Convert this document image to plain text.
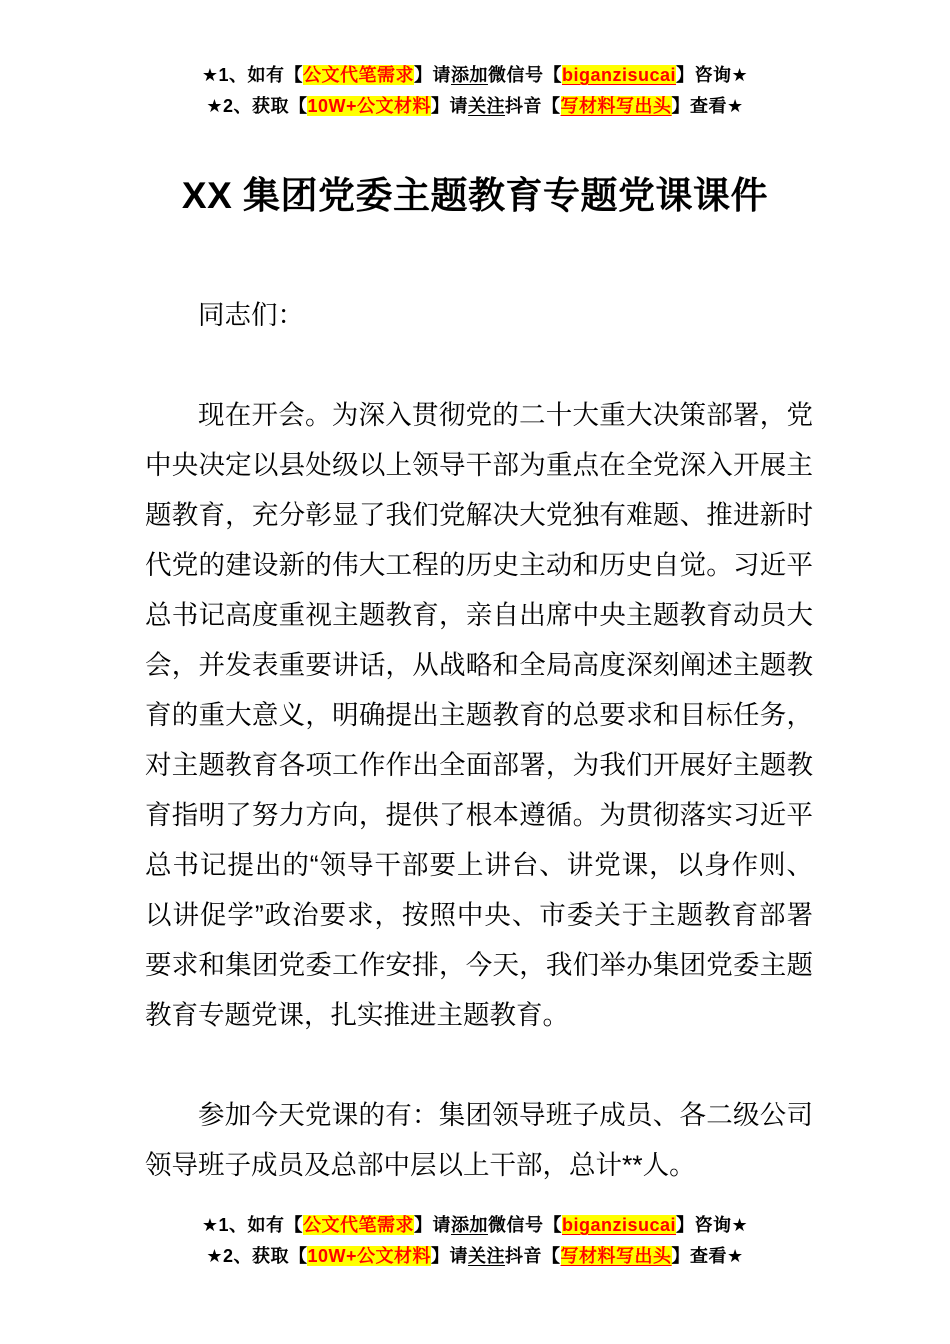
★1、如有【公文代笔需求】请添加微信号【biganzisucai】咨询★
★2、获取【10W+公文材料】请关注抖音【写材料写出头】查看★
XX 集团党委主题教育专题党课课件

同志们：

现在开会。为深入贯彻党的二十大重大决策部署，党中央决定以县处级以上领导干部为重点在全党深入开展主题教育，充分彰显了我们党解决大党独有难题、推进新时代党的建设新的伟大工程的历史主动和历史自觉。习近平总书记高度重视主题教育，亲自出席中央主题教育动员大会，并发表重要讲话，从战略和全局高度深刻阐述主题教育的重大意义，明确提出主题教育的总要求和目标任务，对主题教育各项工作作出全面部署，为我们开展好主题教育指明了努力方向，提供了根本遵循。为贯彻落实习近平总书记提出的“领导干部要上讲台、讲党课，以身作则、以讲促学”政治要求，按照中央、市委关于主题教育部署要求和集团党委工作安排，今天，我们举办集团党委主题教育专题党课，扎实推进主题教育。

参加今天党课的有：集团领导班子成员、各二级公司领导班子成员及总部中层以上干部，总计**人。

★1、如有【公文代笔需求】请添加微信号【biganzisucai】咨询★
★2、获取【10W+公文材料】请关注抖音【写材料写出头】查看★
